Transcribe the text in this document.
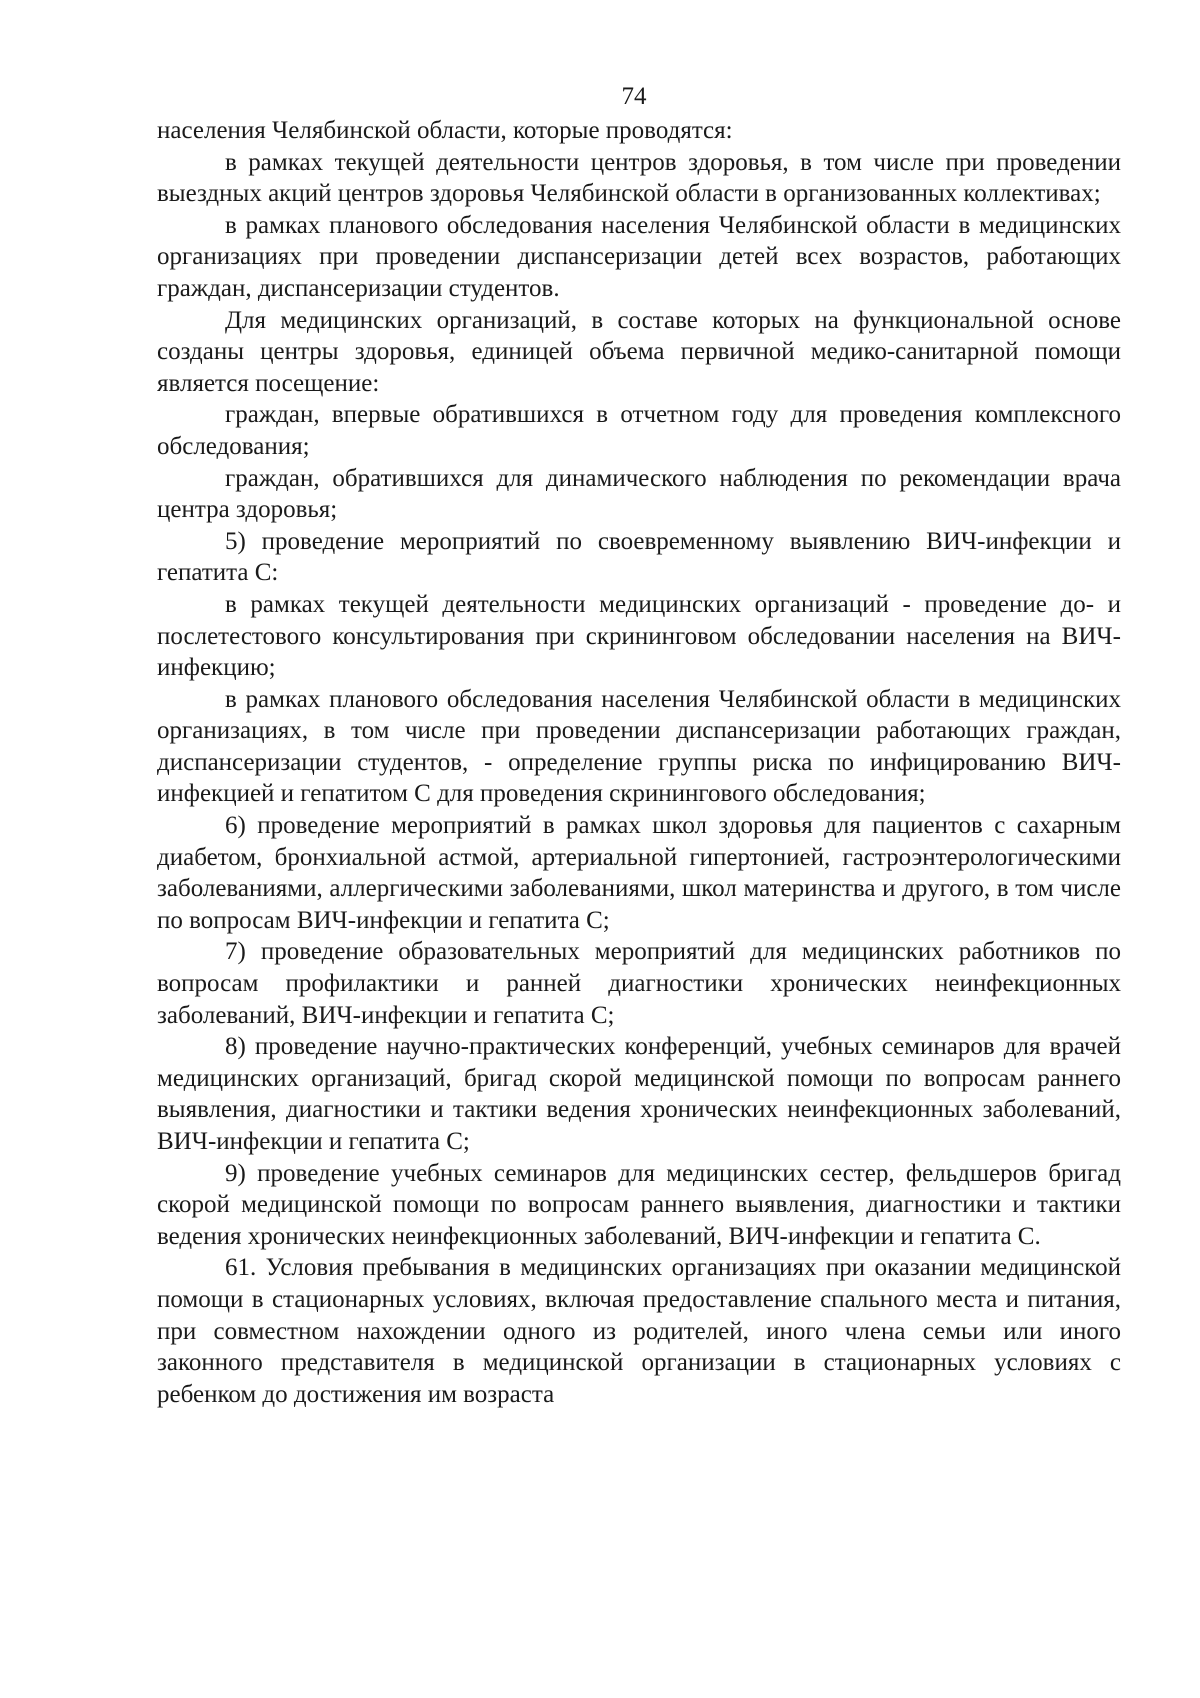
74

населения Челябинской области, которые проводятся:

в рамках текущей деятельности центров здоровья, в том числе при проведении выездных акций центров здоровья Челябинской области в организованных коллективах;

в рамках планового обследования населения Челябинской области в медицинских организациях при проведении диспансеризации детей всех возрастов, работающих граждан, диспансеризации студентов.

Для медицинских организаций, в составе которых на функциональной основе созданы центры здоровья, единицей объема первичной медико-санитарной помощи является посещение:

граждан, впервые обратившихся в отчетном году для проведения комплексного обследования;

граждан, обратившихся для динамического наблюдения по рекомендации врача центра здоровья;

5) проведение мероприятий по своевременному выявлению ВИЧ-инфекции и гепатита С:

в рамках текущей деятельности медицинских организаций - проведение до- и послетестового консультирования при скрининговом обследовании населения на ВИЧ-инфекцию;

в рамках планового обследования населения Челябинской области в медицинских организациях, в том числе при проведении диспансеризации работающих граждан, диспансеризации студентов, - определение группы риска по инфицированию ВИЧ-инфекцией и гепатитом С для проведения скринингового обследования;

6) проведение мероприятий в рамках школ здоровья для пациентов с сахарным диабетом, бронхиальной астмой, артериальной гипертонией, гастроэнтерологическими заболеваниями, аллергическими заболеваниями, школ материнства и другого, в том числе по вопросам ВИЧ-инфекции и гепатита С;

7) проведение образовательных мероприятий для медицинских работников по вопросам профилактики и ранней диагностики хронических неинфекционных заболеваний, ВИЧ-инфекции и гепатита С;

8) проведение научно-практических конференций, учебных семинаров для врачей медицинских организаций, бригад скорой медицинской помощи по вопросам раннего выявления, диагностики и тактики ведения хронических неинфекционных заболеваний, ВИЧ-инфекции и гепатита С;

9) проведение учебных семинаров для медицинских сестер, фельдшеров бригад скорой медицинской помощи по вопросам раннего выявления, диагностики и тактики ведения хронических неинфекционных заболеваний, ВИЧ-инфекции и гепатита С.

61. Условия пребывания в медицинских организациях при оказании медицинской помощи в стационарных условиях, включая предоставление спального места и питания, при совместном нахождении одного из родителей, иного члена семьи или иного законного представителя в медицинской организации в стационарных условиях с ребенком до достижения им возраста
